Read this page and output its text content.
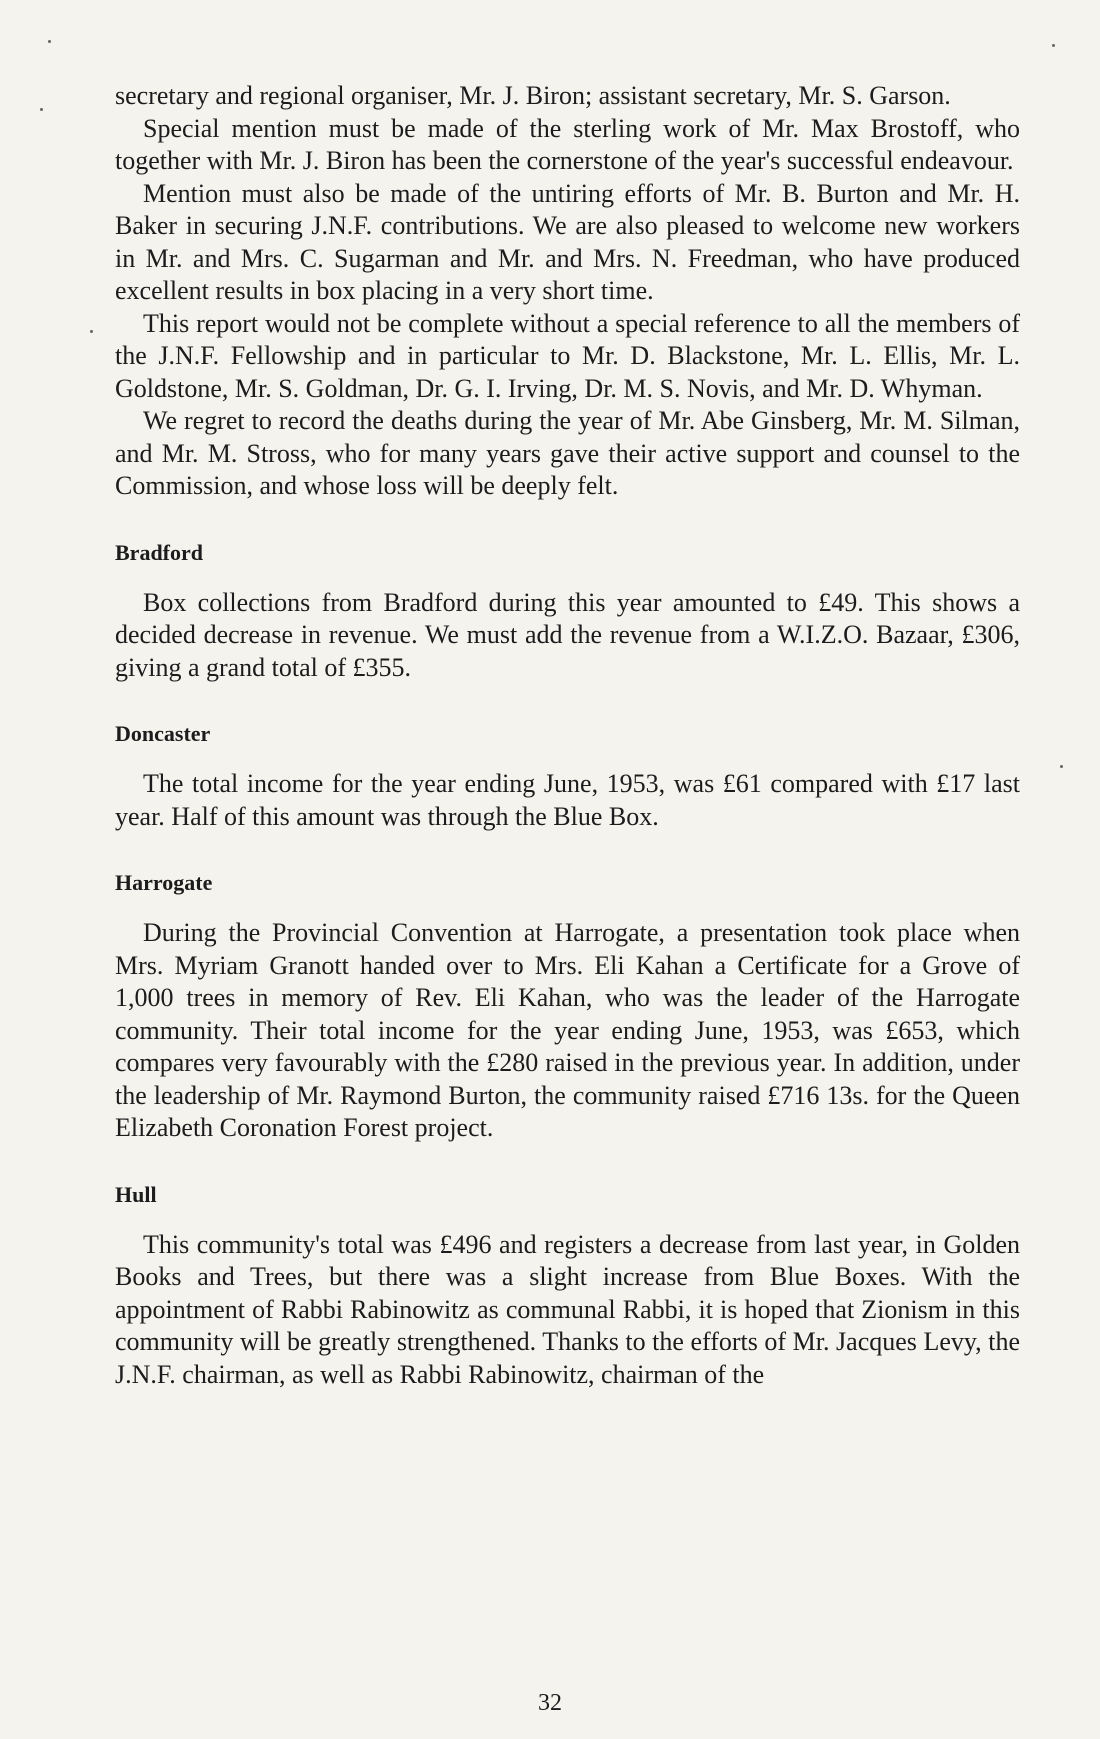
secretary and regional organiser, Mr. J. Biron; assistant secretary, Mr. S. Garson.

Special mention must be made of the sterling work of Mr. Max Brostoff, who together with Mr. J. Biron has been the cornerstone of the year's successful endeavour.

Mention must also be made of the untiring efforts of Mr. B. Burton and Mr. H. Baker in securing J.N.F. contributions. We are also pleased to welcome new workers in Mr. and Mrs. C. Sugarman and Mr. and Mrs. N. Freedman, who have produced excellent results in box placing in a very short time.

This report would not be complete without a special reference to all the members of the J.N.F. Fellowship and in particular to Mr. D. Blackstone, Mr. L. Ellis, Mr. L. Goldstone, Mr. S. Goldman, Dr. G. I. Irving, Dr. M. S. Novis, and Mr. D. Whyman.

We regret to record the deaths during the year of Mr. Abe Ginsberg, Mr. M. Silman, and Mr. M. Stross, who for many years gave their active support and counsel to the Commission, and whose loss will be deeply felt.

Bradford

Box collections from Bradford during this year amounted to £49. This shows a decided decrease in revenue. We must add the revenue from a W.I.Z.O. Bazaar, £306, giving a grand total of £355.

Doncaster

The total income for the year ending June, 1953, was £61 compared with £17 last year. Half of this amount was through the Blue Box.

Harrogate

During the Provincial Convention at Harrogate, a presentation took place when Mrs. Myriam Granott handed over to Mrs. Eli Kahan a Certificate for a Grove of 1,000 trees in memory of Rev. Eli Kahan, who was the leader of the Harrogate community. Their total income for the year ending June, 1953, was £653, which compares very favourably with the £280 raised in the previous year. In addition, under the leadership of Mr. Raymond Burton, the community raised £716 13s. for the Queen Elizabeth Coronation Forest project.

Hull

This community's total was £496 and registers a decrease from last year, in Golden Books and Trees, but there was a slight increase from Blue Boxes. With the appointment of Rabbi Rabinowitz as communal Rabbi, it is hoped that Zionism in this community will be greatly strengthened. Thanks to the efforts of Mr. Jacques Levy, the J.N.F. chairman, as well as Rabbi Rabinowitz, chairman of the

32
